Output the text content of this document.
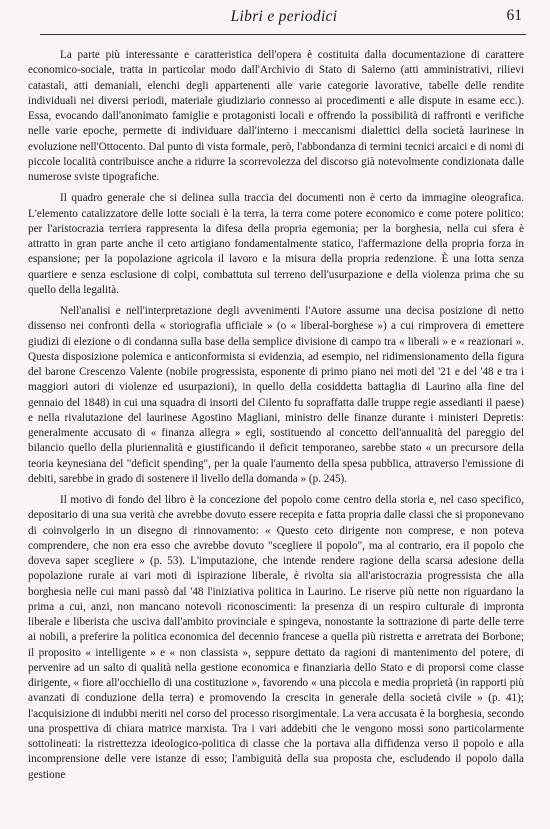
Libri e periodici	61

La parte più interessante e caratteristica dell'opera è costituita dalla documentazione di carattere economico-sociale, tratta in particolar modo dall'Archivio di Stato di Salerno (atti amministrativi, rilievi catastali, atti demaniali, elenchi degli appartenenti alle varie categorie lavorative, tabelle delle rendite individuali nei diversi periodi, materiale giudiziario connesso ai procedimenti e alle dispute in esame ecc.). Essa, evocando dall'anonimato famiglie e protagonisti locali e offrendo la possibilità di raffronti e verifiche nelle varie epoche, permette di individuare dall'interno i meccanismi dialettici della società laurinese in evoluzione nell'Ottocento. Dal punto di vista formale, però, l'abbondanza di termini tecnici arcaici e di nomi di piccole località contribuisce anche a ridurre la scorrevolezza del discorso già notevolmente condizionata dalle numerose sviste tipografiche.

Il quadro generale che si delinea sulla traccia dei documenti non è certo da immagine oleografica. L'elemento catalizzatore delle lotte sociali è la terra, la terra come potere economico e come potere politico: per l'aristocrazia terriera rappresenta la difesa della propria egemonia; per la borghesia, nella cui sfera è attratto in gran parte anche il ceto artigiano fondamentalmente statico, l'affermazione della propria forza in espansione; per la popolazione agricola il lavoro e la misura della propria redenzione. È una lotta senza quartiere e senza esclusione di colpi, combattuta sul terreno dell'usurpazione e della violenza prima che su quello della legalità.

Nell'analisi e nell'interpretazione degli avvenimenti l'Autore assume una decisa posizione di netto dissenso nei confronti della « storiografia ufficiale » (o « liberal-borghese ») a cui rimprovera di emettere giudizi di elezione o di condanna sulla base della semplice divisione di campo tra « liberali » e « reazionari ». Questa disposizione polemica e anticonformista si evidenzia, ad esempio, nel ridimensionamento della figura del barone Crescenzo Valente (nobile progressista, esponente di primo piano nei moti del '21 e del '48 e tra i maggiori autori di violenze ed usurpazioni), in quello della cosiddetta battaglia di Laurino alla fine del gennaio del 1848) in cui una squadra di insorti del Cilento fu sopraffatta dalle truppe regie assedianti il paese) e nella rivalutazione del laurinese Agostino Magliani, ministro delle finanze durante i ministeri Depretis: generalmente accusato di « finanza allegra » egli, sostituendo al concetto dell'annualità del pareggio del bilancio quello della pluriennalità e giustificando il deficit temporaneo, sarebbe stato « un precursore della teoria keynesiana del "deficit spending", per la quale l'aumento della spesa pubblica, attraverso l'emissione di debiti, sarebbe in grado di sostenere il livello della domanda » (p. 245).

Il motivo di fondo del libro è la concezione del popolo come centro della storia e, nel caso specifico, depositario di una sua verità che avrebbe dovuto essere recepita e fatta propria dalle classi che si proponevano di coinvolgerlo in un disegno di rinnovamento: « Questo ceto dirigente non comprese, e non poteva comprendere, che non era esso che avrebbe dovuto "scegliere il popolo", ma al contrario, era il popolo che doveva saper scegliere » (p. 53). L'imputazione, che intende rendere ragione della scarsa adesione della popolazione rurale ai vari moti di ispirazione liberale, è rivolta sia all'aristocrazia progressista che alla borghesia nelle cui mani passò dal '48 l'iniziativa politica in Laurino. Le riserve più nette non riguardano la prima a cui, anzi, non mancano notevoli riconoscimenti: la presenza di un respiro culturale di impronta liberale e liberista che usciva dall'ambito provinciale e spingeva, nonostante la sottrazione di parte delle terre ai nobili, a preferire la politica economica del decennio francese a quella più ristretta e arretrata dei Borbone; il proposito « intelligente » e « non classista », seppure dettato da ragioni di mantenimento del potere, di pervenire ad un salto di qualità nella gestione economica e finanziaria dello Stato e di proporsi come classe dirigente, « fiore all'occhiello di una costituzione », favorendo « una piccola e media proprietà (in rapporti più avanzati di conduzione della terra) e promovendo la crescita in generale della società civile » (p. 41); l'acquisizione di indubbi meriti nel corso del processo risorgimentale. La vera accusata è la borghesia, secondo una prospettiva di chiara matrice marxista. Tra i vari addebiti che le vengono mossi sono particolarmente sottolineati: la ristrettezza ideologico-politica di classe che la portava alla diffidenza verso il popolo e alla incomprensione delle vere istanze di esso; l'ambiguità della sua proposta che, escludendo il popolo dalla gestione
